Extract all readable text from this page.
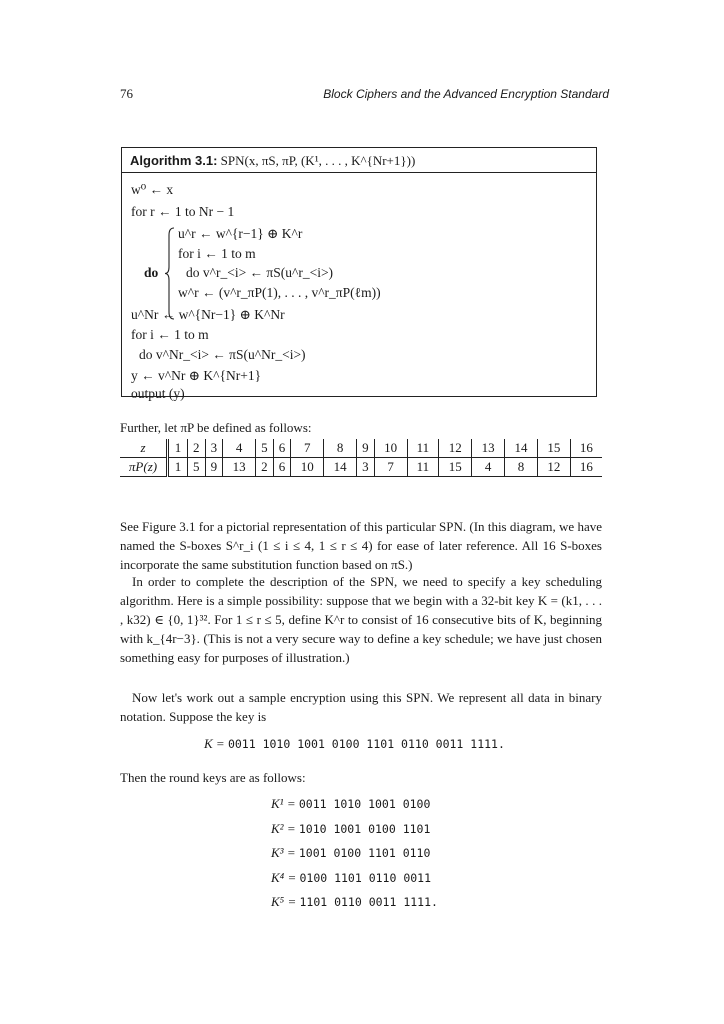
76	Block Ciphers and the Advanced Encryption Standard
Algorithm 3.1: SPN(x, πS, πP, (K¹, . . . , K^{Nr+1}))
w⁰ ← x
for r ← 1 to Nr − 1
do
u^r ← w^{r−1} ⊕ K^r
for i ← 1 to m
do v^r_<i> ← πS(u^r_<i>)
w^r ← (v^r_πP(1), . . . , v^r_πP(ℓm))
u^Nr ← w^{Nr−1} ⊕ K^Nr
for i ← 1 to m
do v^Nr_<i> ← πS(u^Nr_<i>)
y ← v^Nr ⊕ K^{Nr+1}
output (y)
Further, let πP be defined as follows:
z	1	2	3	4	5	6	7	8	9	10	11	12	13	14	15	16
πP(z)	1	5	9	13	2	6	10	14	3	7	11	15	4	8	12	16

See Figure 3.1 for a pictorial representation of this particular SPN. (In this diagram, we have named the S-boxes S^r_i (1 ≤ i ≤ 4, 1 ≤ r ≤ 4) for ease of later reference. All 16 S-boxes incorporate the same substitution function based on πS.)

In order to complete the description of the SPN, we need to specify a key scheduling algorithm. Here is a simple possibility: suppose that we begin with a 32-bit key K = (k1, . . . , k32) ∈ {0, 1}³². For 1 ≤ r ≤ 5, define K^r to consist of 16 consecutive bits of K, beginning with k_{4r−3}. (This is not a very secure way to define a key schedule; we have just chosen something easy for purposes of illustration.)

Now let's work out a sample encryption using this SPN. We represent all data in binary notation. Suppose the key is

K = 0011 1010 1001 0100 1101 0110 0011 1111.

Then the round keys are as follows:

K¹ = 0011 1010 1001 0100
K² = 1010 1001 0100 1101
K³ = 1001 0100 1101 0110
K⁴ = 0100 1101 0110 0011
K⁵ = 1101 0110 0011 1111.
